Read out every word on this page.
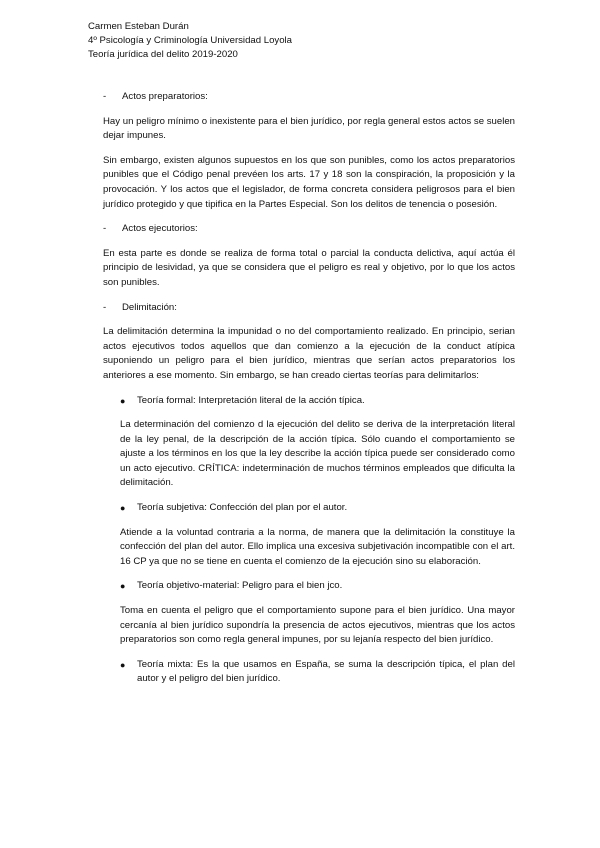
Carmen Esteban Durán
4º Psicología y Criminología Universidad Loyola
Teoría jurídica del delito 2019-2020
- Actos preparatorios:

Hay un peligro mínimo o inexistente para el bien jurídico, por regla general estos actos se suelen dejar impunes.

Sin embargo, existen algunos supuestos en los que son punibles, como los actos preparatorios punibles que el Código penal prevéen los arts. 17 y 18 son la conspiración, la proposición y la provocación. Y los actos que el legislador, de forma concreta considera peligrosos para el bien jurídico protegido y que tipifica en la Partes Especial. Son los delitos de tenencia o posesión.

- Actos ejecutorios:

En esta parte es donde se realiza de forma total o parcial la conducta delictiva, aquí actúa él principio de lesividad, ya que se considera que el peligro es real y objetivo, por lo que los actos son punibles.

- Delimitación:

La delimitación determina la impunidad o no del comportamiento realizado. En principio, serian actos ejecutivos todos aquellos que dan comienzo a la ejecución de la conduct atípica suponiendo un peligro para el bien jurídico, mientras que serían actos preparatorios los anteriores a ese momento. Sin embargo, se han creado ciertas teorías para delimitarlos:

● Teoría formal: Interpretación literal de la acción típica.

La determinación del comienzo d la ejecución del delito se deriva de la interpretación literal de la ley penal, de la descripción de la acción típica. Sólo cuando el comportamiento se ajuste a los términos en los que la ley describe la acción típica puede ser considerado como un acto ejecutivo. CRÍTICA: indeterminación de muchos términos empleados que dificulta la delimitación.

● Teoría subjetiva: Confección del plan por el autor.

Atiende a la voluntad contraria a la norma, de manera que la delimitación la constituye la confección del plan del autor. Ello implica una excesiva subjetivación incompatible con el art. 16 CP ya que no se tiene en cuenta el comienzo de la ejecución sino su elaboración.

● Teoría objetivo-material: Peligro para el bien jco.

Toma en cuenta el peligro que el comportamiento supone para el bien jurídico. Una mayor cercanía al bien jurídico supondría la presencia de actos ejecutivos, mientras que los actos preparatorios son como regla general impunes, por su lejanía respecto del bien jurídico.

● Teoría mixta: Es la que usamos en España, se suma la descripción típica, el plan del autor y el peligro del bien jurídico.
